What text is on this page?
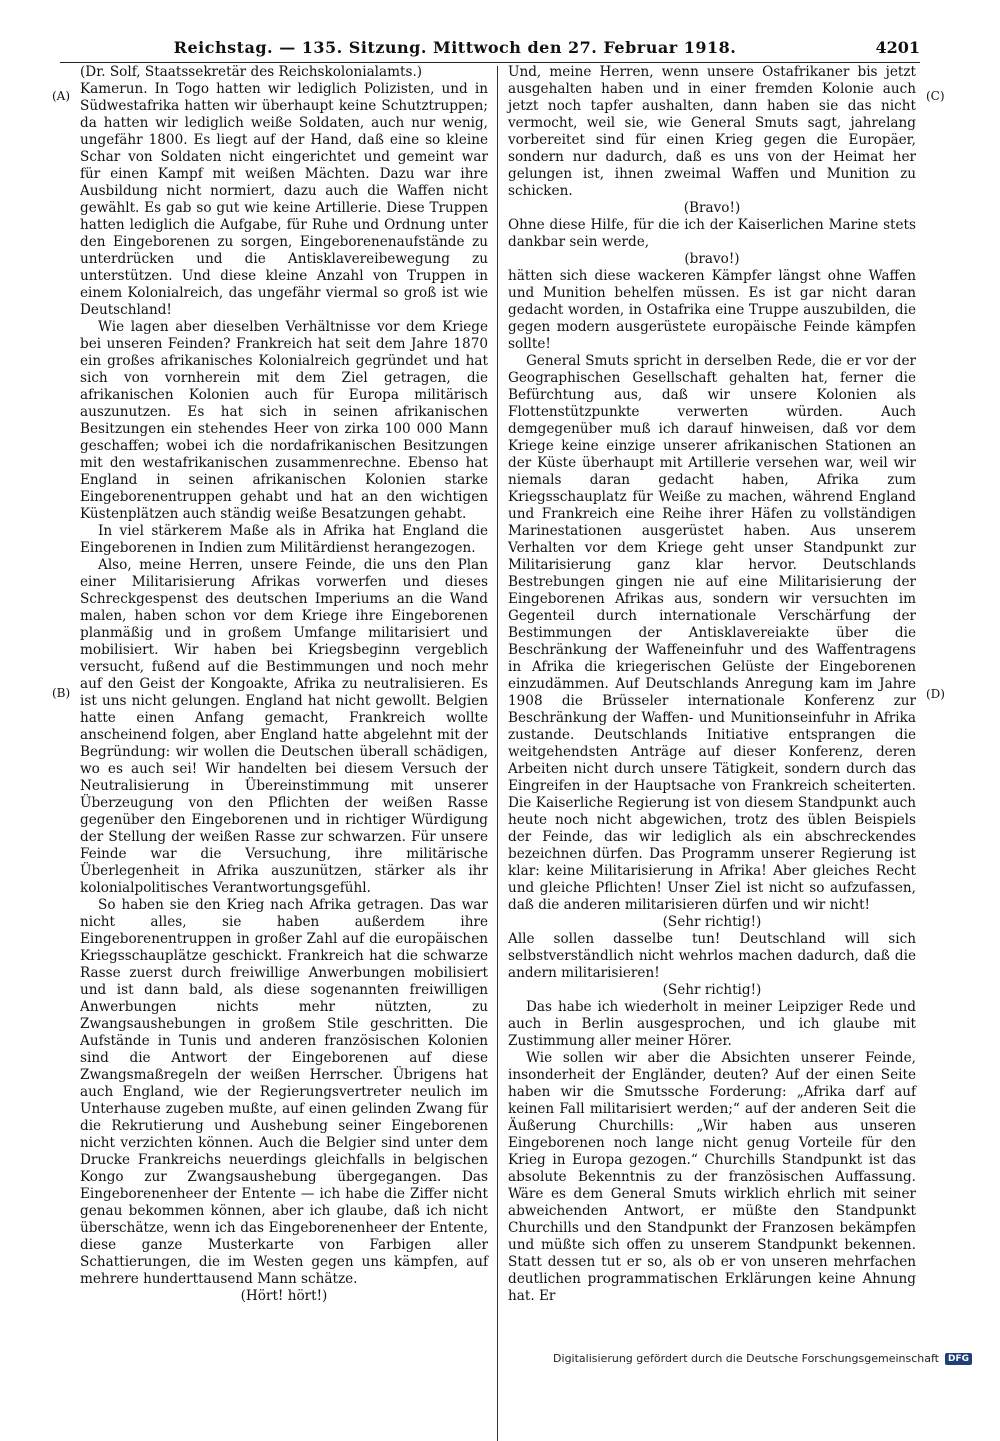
Reichstag. — 135. Sitzung. Mittwoch den 27. Februar 1918.	4201
(A)
(B)
(C)
(D)

(Dr. Solf, Staatssekretär des Reichskolonialamts.)

Kamerun. In Togo hatten wir lediglich Polizisten, und in Südwestafrika hatten wir überhaupt keine Schutztruppen; da hatten wir lediglich weiße Soldaten, auch nur wenig, ungefähr 1800. Es liegt auf der Hand, daß eine so kleine Schar von Soldaten nicht eingerichtet und gemeint war für einen Kampf mit weißen Mächten. Dazu war ihre Ausbildung nicht normiert, dazu auch die Waffen nicht gewählt. Es gab so gut wie keine Artillerie. Diese Truppen hatten lediglich die Aufgabe, für Ruhe und Ordnung unter den Eingeborenen zu sorgen, Eingeborenenaufstände zu unterdrücken und die Antisklavereibewegung zu unterstützen. Und diese kleine Anzahl von Truppen in einem Kolonialreich, das ungefähr viermal so groß ist wie Deutschland!

Wie lagen aber dieselben Verhältnisse vor dem Kriege bei unseren Feinden? Frankreich hat seit dem Jahre 1870 ein großes afrikanisches Kolonialreich gegründet und hat sich von vornherein mit dem Ziel getragen, die afrikanischen Kolonien auch für Europa militärisch auszunutzen. Es hat sich in seinen afrikanischen Besitzungen ein stehendes Heer von zirka 100 000 Mann geschaffen; wobei ich die nordafrikanischen Besitzungen mit den westafrikanischen zusammenrechne. Ebenso hat England in seinen afrikanischen Kolonien starke Eingeborenentruppen gehabt und hat an den wichtigen Küstenplätzen auch ständig weiße Besatzungen gehabt.

In viel stärkerem Maße als in Afrika hat England die Eingeborenen in Indien zum Militärdienst herangezogen.

Also, meine Herren, unsere Feinde, die uns den Plan einer Militarisierung Afrikas vorwerfen und dieses Schreckgespenst des deutschen Imperiums an die Wand malen, haben schon vor dem Kriege ihre Eingeborenen planmäßig und in großem Umfange militarisiert und mobilisiert. Wir haben bei Kriegsbeginn vergeblich versucht, fußend auf die Bestimmungen und noch mehr auf den Geist der Kongoakte, Afrika zu neutralisieren. Es ist uns nicht gelungen. England hat nicht gewollt. Belgien hatte einen Anfang gemacht, Frankreich wollte anscheinend folgen, aber England hatte abgelehnt mit der Begründung: wir wollen die Deutschen überall schädigen, wo es auch sei! Wir handelten bei diesem Versuch der Neutralisierung in Übereinstimmung mit unserer Überzeugung von den Pflichten der weißen Rasse gegenüber den Eingeborenen und in richtiger Würdigung der Stellung der weißen Rasse zur schwarzen. Für unsere Feinde war die Versuchung, ihre militärische Überlegenheit in Afrika auszunützen, stärker als ihr kolonialpolitisches Verantwortungsgefühl.

So haben sie den Krieg nach Afrika getragen. Das war nicht alles, sie haben außerdem ihre Eingeborenentruppen in großer Zahl auf die europäischen Kriegsschauplätze geschickt. Frankreich hat die schwarze Rasse zuerst durch freiwillige Anwerbungen mobilisiert und ist dann bald, als diese sogenannten freiwilligen Anwerbungen nichts mehr nützten, zu Zwangsaushebungen in großem Stile geschritten. Die Aufstände in Tunis und anderen französischen Kolonien sind die Antwort der Eingeborenen auf diese Zwangsmaßregeln der weißen Herrscher. Übrigens hat auch England, wie der Regierungsvertreter neulich im Unterhause zugeben mußte, auf einen gelinden Zwang für die Rekrutierung und Aushebung seiner Eingeborenen nicht verzichten können. Auch die Belgier sind unter dem Drucke Frankreichs neuerdings gleichfalls in belgischen Kongo zur Zwangsaushebung übergegangen. Das Eingeborenenheer der Entente — ich habe die Ziffer nicht genau bekommen können, aber ich glaube, daß ich nicht überschätze, wenn ich das Eingeborenenheer der Entente, diese ganze Musterkarte von Farbigen aller Schattierungen, die im Westen gegen uns kämpfen, auf mehrere hunderttausend Mann schätze.

(Hört! hört!)

Und, meine Herren, wenn unsere Ostafrikaner bis jetzt ausgehalten haben und in einer fremden Kolonie auch jetzt noch tapfer aushalten, dann haben sie das nicht vermocht, weil sie, wie General Smuts sagt, jahrelang vorbereitet sind für einen Krieg gegen die Europäer, sondern nur dadurch, daß es uns von der Heimat her gelungen ist, ihnen zweimal Waffen und Munition zu schicken.

(Bravo!)

Ohne diese Hilfe, für die ich der Kaiserlichen Marine stets dankbar sein werde,

(bravo!)

hätten sich diese wackeren Kämpfer längst ohne Waffen und Munition behelfen müssen. Es ist gar nicht daran gedacht worden, in Ostafrika eine Truppe auszubilden, die gegen modern ausgerüstete europäische Feinde kämpfen sollte!

General Smuts spricht in derselben Rede, die er vor der Geographischen Gesellschaft gehalten hat, ferner die Befürchtung aus, daß wir unsere Kolonien als Flottenstützpunkte verwerten würden. Auch demgegenüber muß ich darauf hinweisen, daß vor dem Kriege keine einzige unserer afrikanischen Stationen an der Küste überhaupt mit Artillerie versehen war, weil wir niemals daran gedacht haben, Afrika zum Kriegsschauplatz für Weiße zu machen, während England und Frankreich eine Reihe ihrer Häfen zu vollständigen Marinestationen ausgerüstet haben. Aus unserem Verhalten vor dem Kriege geht unser Standpunkt zur Militarisierung ganz klar hervor. Deutschlands Bestrebungen gingen nie auf eine Militarisierung der Eingeborenen Afrikas aus, sondern wir versuchten im Gegenteil durch internationale Verschärfung der Bestimmungen der Antisklavereiakte über die Beschränkung der Waffeneinfuhr und des Waffentragens in Afrika die kriegerischen Gelüste der Eingeborenen einzudämmen. Auf Deutschlands Anregung kam im Jahre 1908 die Brüsseler internationale Konferenz zur Beschränkung der Waffen- und Munitionseinfuhr in Afrika zustande. Deutschlands Initiative entsprangen die weitgehendsten Anträge auf dieser Konferenz, deren Arbeiten nicht durch unsere Tätigkeit, sondern durch das Eingreifen in der Hauptsache von Frankreich scheiterten. Die Kaiserliche Regierung ist von diesem Standpunkt auch heute noch nicht abgewichen, trotz des üblen Beispiels der Feinde, das wir lediglich als ein abschreckendes bezeichnen dürfen. Das Programm unserer Regierung ist klar: keine Militarisierung in Afrika! Aber gleiches Recht und gleiche Pflichten! Unser Ziel ist nicht so aufzufassen, daß die anderen militarisieren dürfen und wir nicht!

(Sehr richtig!)

Alle sollen dasselbe tun! Deutschland will sich selbstverständlich nicht wehrlos machen dadurch, daß die andern militarisieren!

(Sehr richtig!)

Das habe ich wiederholt in meiner Leipziger Rede und auch in Berlin ausgesprochen, und ich glaube mit Zustimmung aller meiner Hörer.

Wie sollen wir aber die Absichten unserer Feinde, insonderheit der Engländer, deuten? Auf der einen Seite haben wir die Smutssche Forderung: „Afrika darf auf keinen Fall militarisiert werden;“ auf der anderen Seit die Äußerung Churchills: „Wir haben aus unseren Eingeborenen noch lange nicht genug Vorteile für den Krieg in Europa gezogen.“ Churchills Standpunkt ist das absolute Bekenntnis zu der französischen Auffassung. Wäre es dem General Smuts wirklich ehrlich mit seiner abweichenden Antwort, er müßte den Standpunkt Churchills und den Standpunkt der Franzosen bekämpfen und müßte sich offen zu unserem Standpunkt bekennen. Statt dessen tut er so, als ob er von unseren mehrfachen deutlichen programmatischen Erklärungen keine Ahnung hat. Er

Digitalisierung gefördert durch die Deutsche Forschungsgemeinschaft	DFG
